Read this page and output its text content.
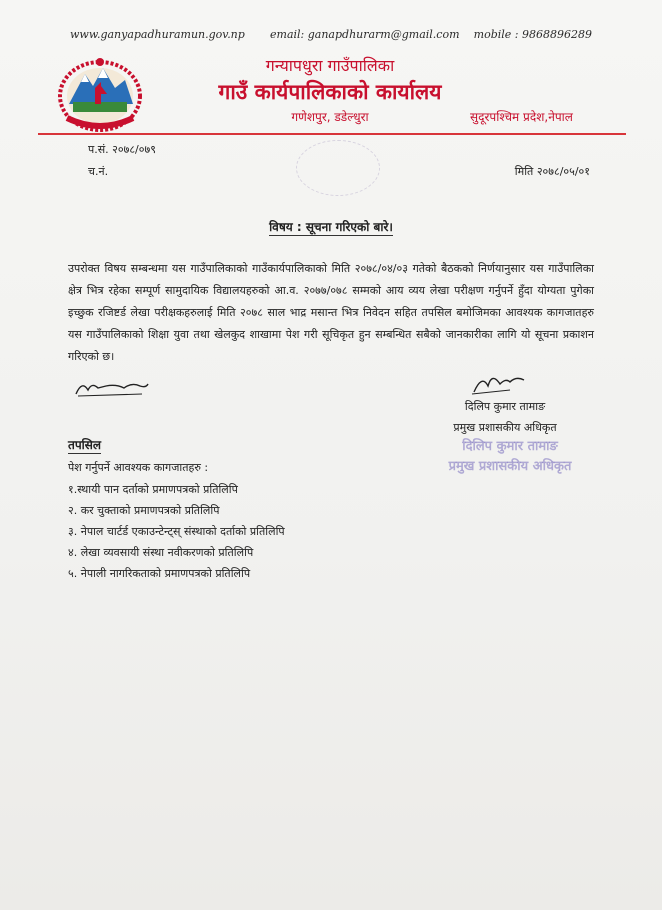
www.ganyapadhuramun.gov.np email: ganapdhurarm@gmail.com mobile : 9868896289
गन्यापधुरा गाउँपालिका
गाउँ कार्यपालिकाको कार्यालय
गणेशपुर, डडेल्धुरा	सुदूरपश्चिम प्रदेश,नेपाल
प.सं. २०७८/०७९
च.नं.	मिति २०७८/०५/०१
विषय : सूचना गरिएको बारे।

उपरोक्त विषय सम्बन्धमा यस गाउँपालिकाको गाउँकार्यपालिकाको मिति २०७८/०४/०३ गतेको बैठकको निर्णयानुसार यस गाउँपालिका क्षेत्र भित्र रहेका सम्पूर्ण सामुदायिक विद्यालयहरुको आ.व. २०७७/०७८ सम्मको आय व्यय लेखा परीक्षण गर्नुपर्ने हुँदा योग्यता पुगेका इच्छुक रजिष्टर्ड लेखा परीक्षकहरुलाई मिति २०७८ साल भाद्र मसान्त भित्र निवेदन सहित तपसिल बमोजिमका आवश्यक कागजातहरु यस गाउँपालिकाको शिक्षा युवा तथा खेलकुद शाखामा पेश गरी सूचिकृत हुन सम्बन्धित सबैको जानकारीका लागि यो सूचना प्रकाशन गरिएको छ।

दिलिप कुमार तामाङ
प्रमुख प्रशासकीय अधिकृत
दिलिप कुमार तामाङ
प्रमुख प्रशासकीय अधिकृत
तपसिल
पेश गर्नुपर्ने आवश्यक कागजातहरु :
१.स्थायी पान दर्ताको प्रमाणपत्रको प्रतिलिपि
२. कर चुक्ताको प्रमाणपत्रको प्रतिलिपि
३. नेपाल चार्टर्ड एकाउन्टेन्ट्स् संस्थाको दर्ताको प्रतिलिपि
४. लेखा व्यवसायी संस्था नवीकरणको प्रतिलिपि
५. नेपाली नागरिकताको प्रमाणपत्रको प्रतिलिपि
